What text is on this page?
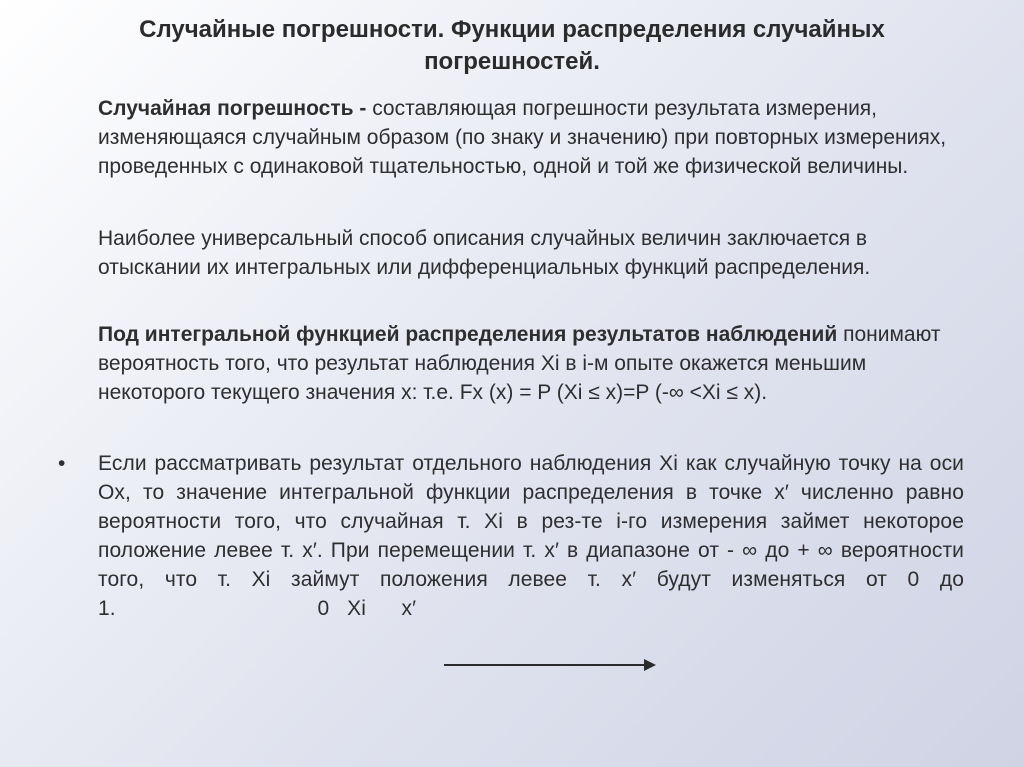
Случайные погрешности. Функции распределения случайных
погрешностей.

Случайная погрешность - составляющая погрешности результата измерения, изменяющаяся случайным образом (по знаку и значению) при повторных измерениях, проведенных с одинаковой тщательностью, одной и той же физической величины.

Наиболее универсальный способ описания случайных величин заключается в отыскании их интегральных или дифференциальных функций распределения.

Под интегральной функцией распределения результатов наблюдений понимают вероятность того, что результат наблюдения Xi в i-м опыте окажется меньшим некоторого текущего значения x: т.е. Fx (x) = P (Xi ≤ x)=P (-∞ <Xi ≤ x).

• Если рассматривать результат отдельного наблюдения Xi как случайную точку на оси Ox, то значение интегральной функции распределения в точке x′ численно равно вероятности того, что случайная т. Xi в рез-те i-го измерения займет некоторое положение левее т. x′. При перемещении т. x′ в диапазоне от - ∞ до + ∞ вероятности того, что т. Xi займут положения левее т. x′ будут изменяться от 0 до 1.	0   Xi      x′
